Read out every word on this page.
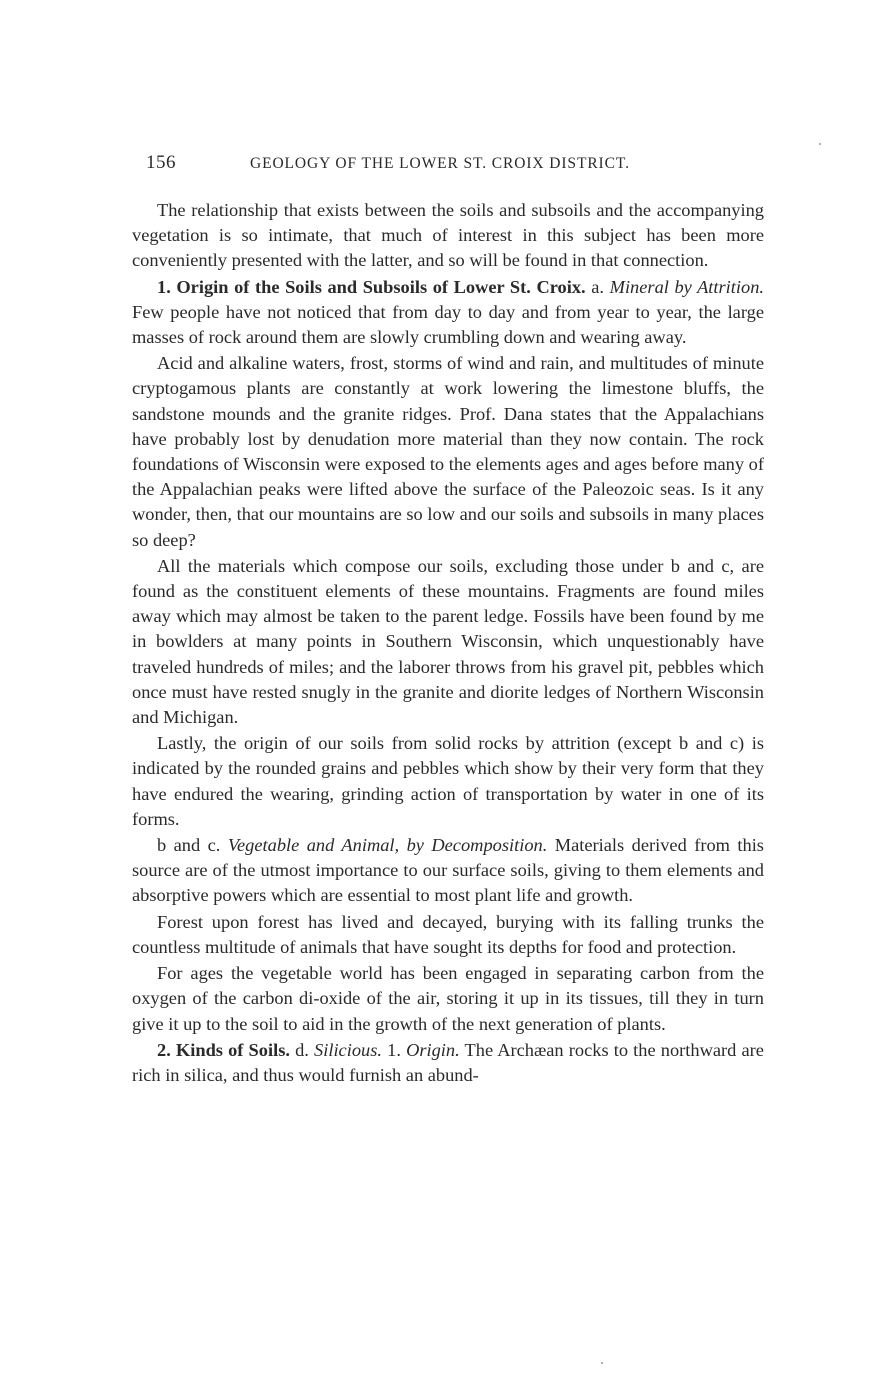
156	GEOLOGY OF THE LOWER ST. CROIX DISTRICT.

The relationship that exists between the soils and subsoils and the accompanying vegetation is so intimate, that much of interest in this subject has been more conveniently presented with the latter, and so will be found in that connection.

1. Origin of the Soils and Subsoils of Lower St. Croix. a. Mineral by Attrition. Few people have not noticed that from day to day and from year to year, the large masses of rock around them are slowly crumbling down and wearing away.

Acid and alkaline waters, frost, storms of wind and rain, and multitudes of minute cryptogamous plants are constantly at work lowering the limestone bluffs, the sandstone mounds and the granite ridges. Prof. Dana states that the Appalachians have probably lost by denudation more material than they now contain. The rock foundations of Wisconsin were exposed to the elements ages and ages before many of the Appalachian peaks were lifted above the surface of the Paleozoic seas. Is it any wonder, then, that our mountains are so low and our soils and subsoils in many places so deep?

All the materials which compose our soils, excluding those under b and c, are found as the constituent elements of these mountains. Fragments are found miles away which may almost be taken to the parent ledge. Fossils have been found by me in bowlders at many points in Southern Wisconsin, which unquestionably have traveled hundreds of miles; and the laborer throws from his gravel pit, pebbles which once must have rested snugly in the granite and diorite ledges of Northern Wisconsin and Michigan.

Lastly, the origin of our soils from solid rocks by attrition (except b and c) is indicated by the rounded grains and pebbles which show by their very form that they have endured the wearing, grinding action of transportation by water in one of its forms.

b and c. Vegetable and Animal, by Decomposition. Materials derived from this source are of the utmost importance to our surface soils, giving to them elements and absorptive powers which are essential to most plant life and growth.

Forest upon forest has lived and decayed, burying with its falling trunks the countless multitude of animals that have sought its depths for food and protection.

For ages the vegetable world has been engaged in separating carbon from the oxygen of the carbon di-oxide of the air, storing it up in its tissues, till they in turn give it up to the soil to aid in the growth of the next generation of plants.

2. Kinds of Soils. d. Silicious. 1. Origin. The Archæan rocks to the northward are rich in silica, and thus would furnish an abund-
